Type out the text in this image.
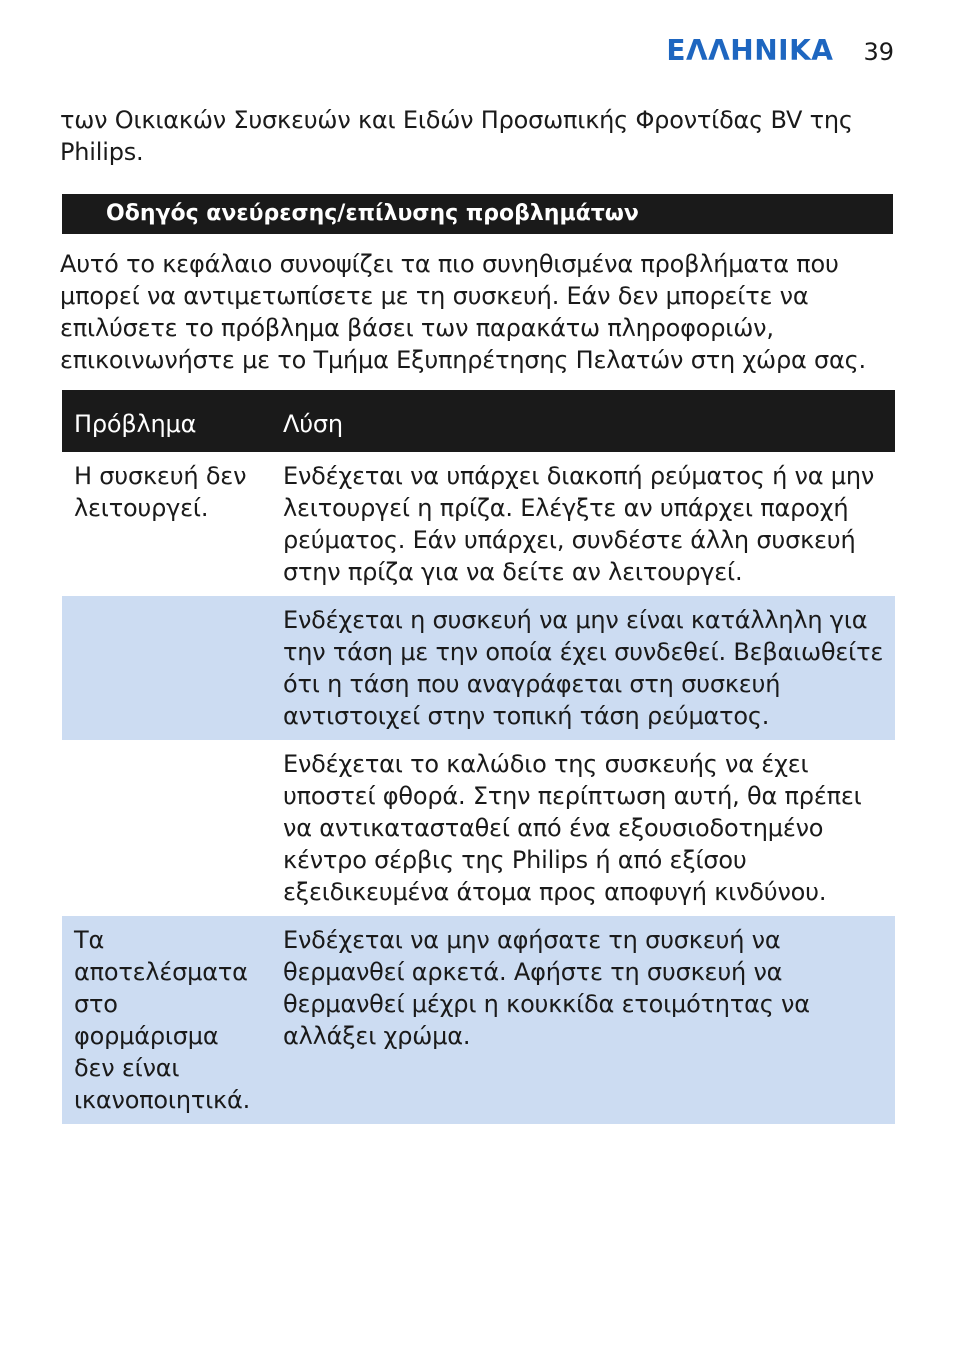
ΕΛΛΗΝΙΚΑ 39

των Οικιακών Συσκευών και Ειδών Προσωπικής Φροντίδας BV της Philips.

Οδηγός ανεύρεσης/επίλυσης προβλημάτων

Αυτό το κεφάλαιο συνοψίζει τα πιο συνηθισμένα προβλήματα που μπορεί να αντιμετωπίσετε με τη συσκευή. Εάν δεν μπορείτε να επιλύσετε το πρόβλημα βάσει των παρακάτω πληροφοριών, επικοινωνήστε με το Τμήμα Εξυπηρέτησης Πελατών στη χώρα σας.

Πρόβλημα	Λύση
Η συσκευή δεν λειτουργεί.	Ενδέχεται να υπάρχει διακοπή ρεύματος ή να μην λειτουργεί η πρίζα. Ελέγξτε αν υπάρχει παροχή ρεύματος. Εάν υπάρχει, συνδέστε άλλη συσκευή στην πρίζα για να δείτε αν λειτουργεί.
	Ενδέχεται η συσκευή να μην είναι κατάλληλη για την τάση με την οποία έχει συνδεθεί. Βεβαιωθείτε ότι η τάση που αναγράφεται στη συσκευή αντιστοιχεί στην τοπική τάση ρεύματος.
	Ενδέχεται το καλώδιο της συσκευής να έχει υποστεί φθορά. Στην περίπτωση αυτή, θα πρέπει να αντικατασταθεί από ένα εξουσιοδοτημένο κέντρο σέρβις της Philips ή από εξίσου εξειδικευμένα άτομα προς αποφυγή κινδύνου.
Τα αποτελέσματα στο φορμάρισμα δεν είναι ικανοποιητικά.	Ενδέχεται να μην αφήσατε τη συσκευή να θερμανθεί αρκετά. Αφήστε τη συσκευή να θερμανθεί μέχρι η κουκκίδα ετοιμότητας να αλλάξει χρώμα.
